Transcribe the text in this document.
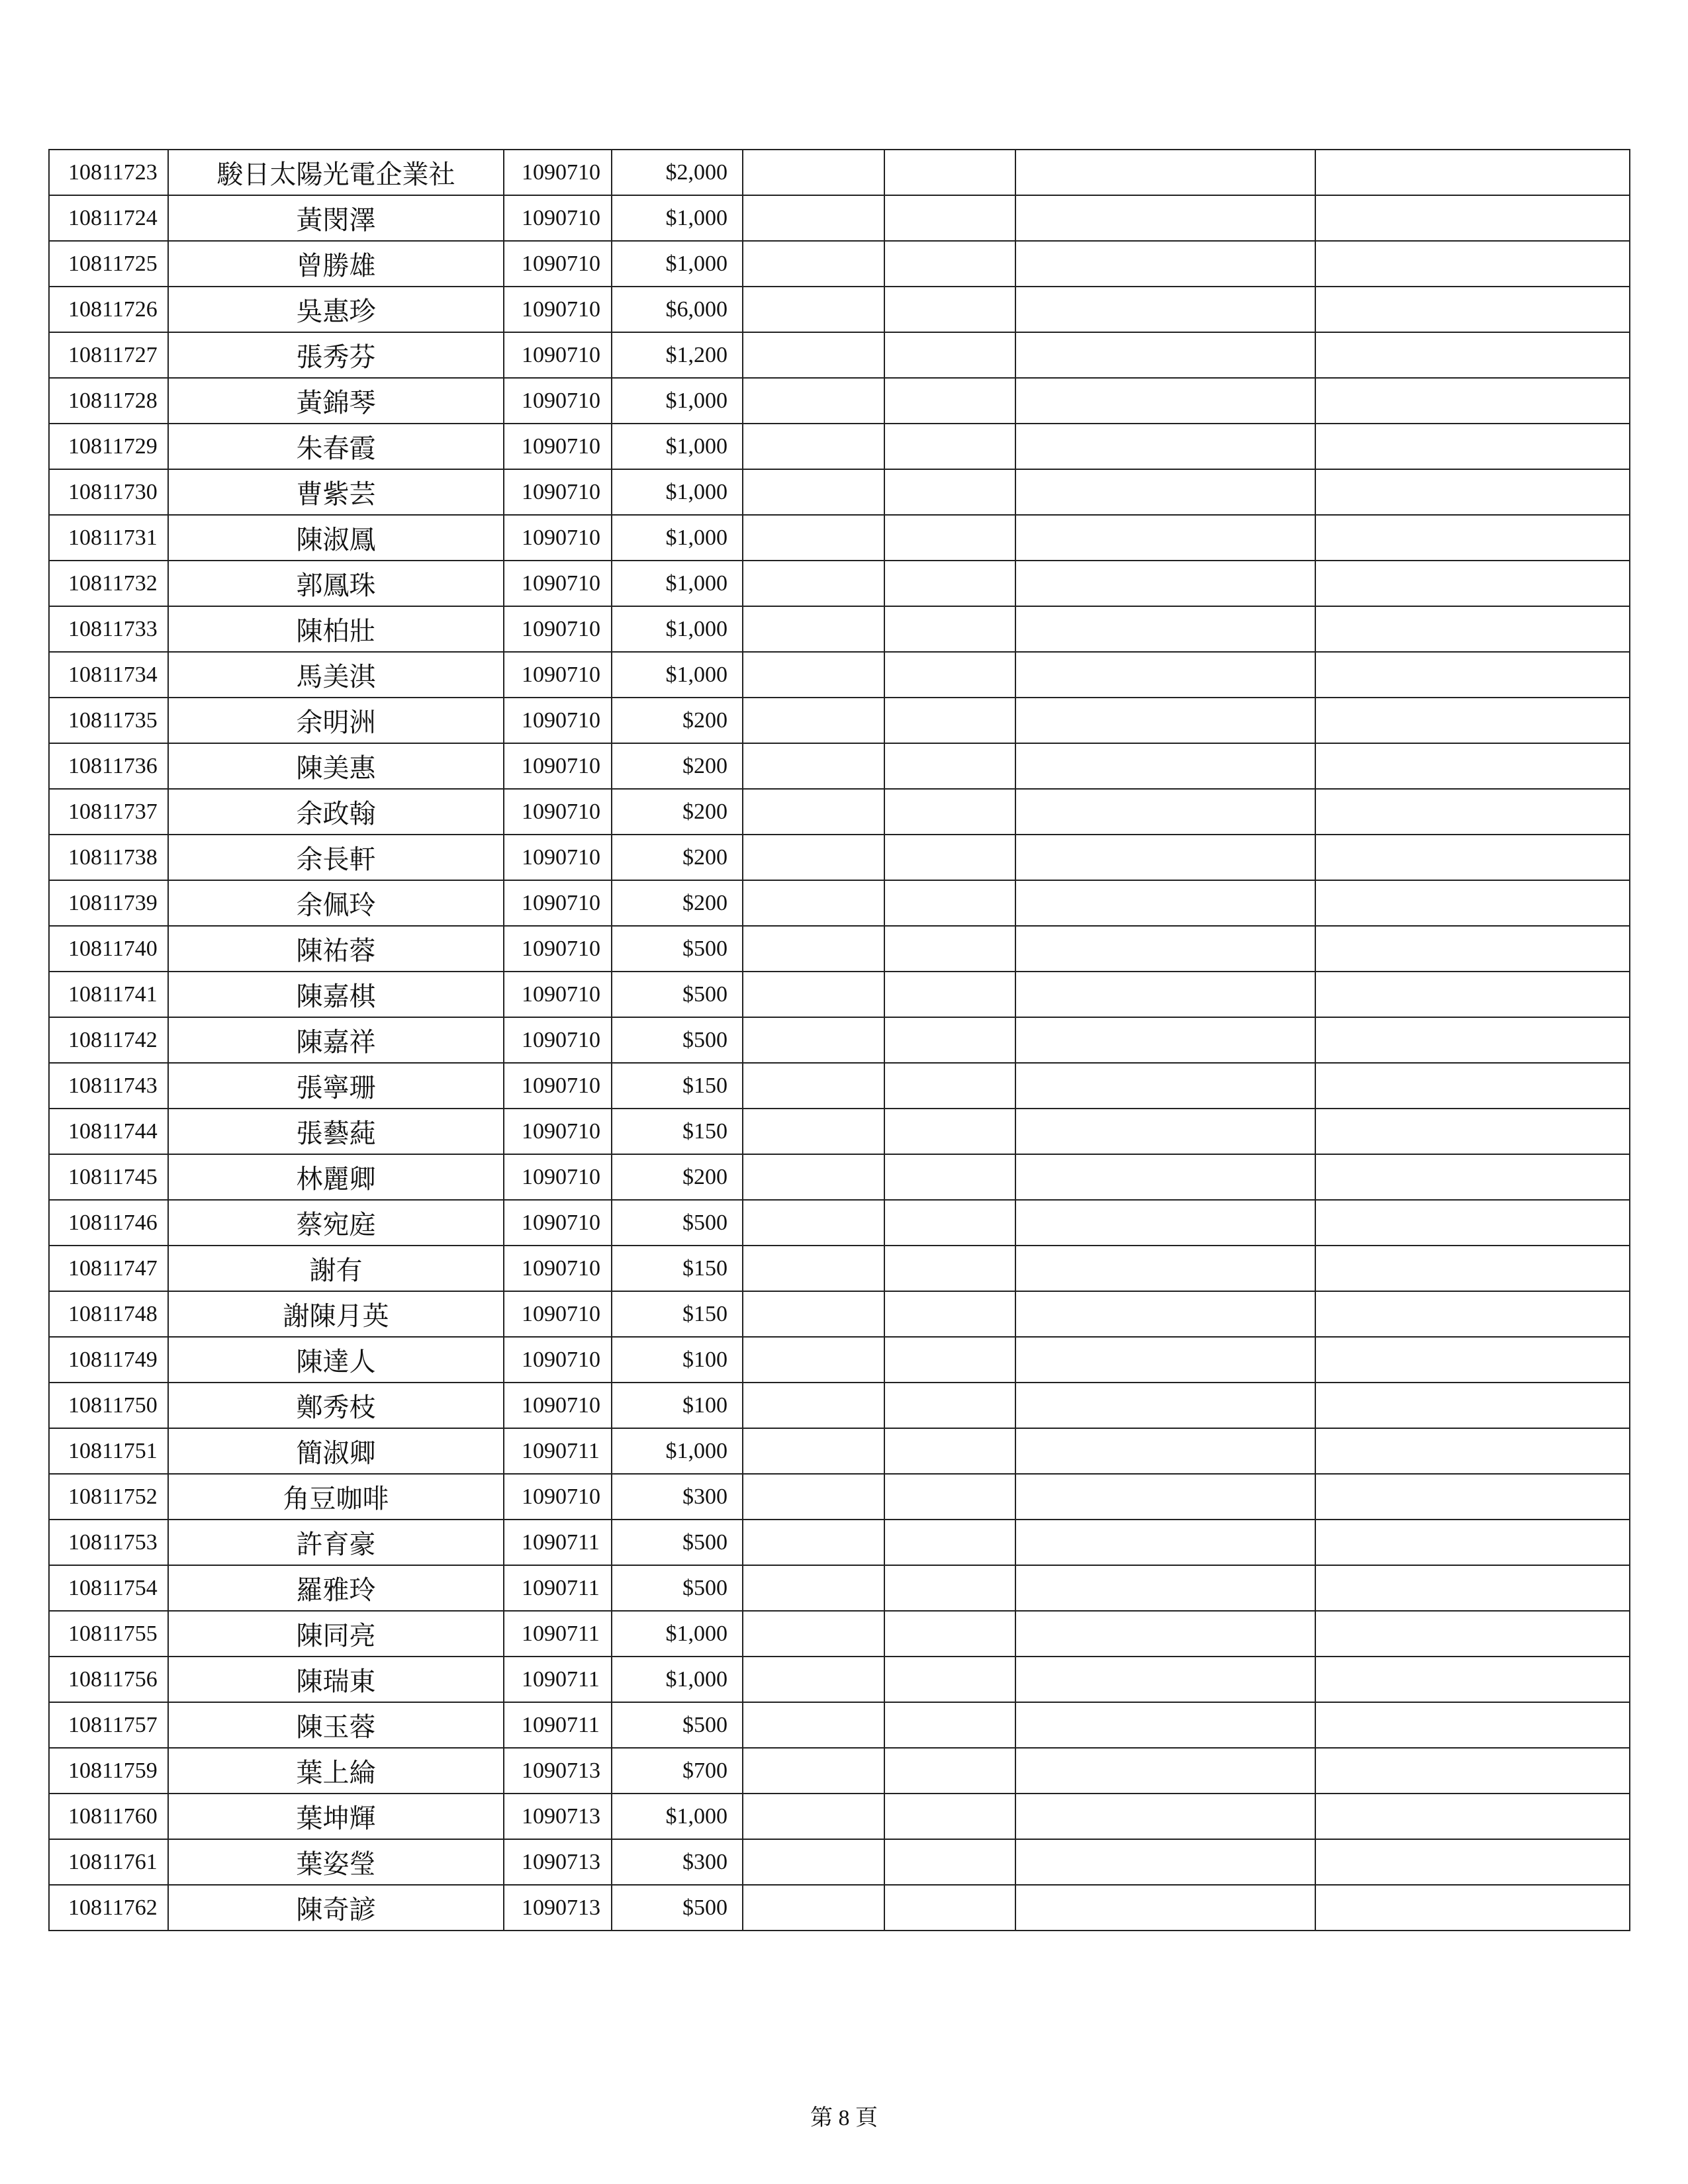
10811723	駿日太陽光電企業社	1090710	$2,000				
10811724	黃閔澤	1090710	$1,000				
10811725	曾勝雄	1090710	$1,000				
10811726	吳惠珍	1090710	$6,000				
10811727	張秀芬	1090710	$1,200				
10811728	黃錦琴	1090710	$1,000				
10811729	朱春霞	1090710	$1,000				
10811730	曹紫芸	1090710	$1,000				
10811731	陳淑鳳	1090710	$1,000				
10811732	郭鳳珠	1090710	$1,000				
10811733	陳柏壯	1090710	$1,000				
10811734	馬美淇	1090710	$1,000				
10811735	余明洲	1090710	$200				
10811736	陳美惠	1090710	$200				
10811737	余政翰	1090710	$200				
10811738	余長軒	1090710	$200				
10811739	余佩玲	1090710	$200				
10811740	陳祐蓉	1090710	$500				
10811741	陳嘉棋	1090710	$500				
10811742	陳嘉祥	1090710	$500				
10811743	張寧珊	1090710	$150				
10811744	張藝蒓	1090710	$150				
10811745	林麗卿	1090710	$200				
10811746	蔡宛庭	1090710	$500				
10811747	謝有	1090710	$150				
10811748	謝陳月英	1090710	$150				
10811749	陳達人	1090710	$100				
10811750	鄭秀枝	1090710	$100				
10811751	簡淑卿	1090711	$1,000				
10811752	角豆咖啡	1090710	$300				
10811753	許育豪	1090711	$500				
10811754	羅雅玲	1090711	$500				
10811755	陳同亮	1090711	$1,000				
10811756	陳瑞東	1090711	$1,000				
10811757	陳玉蓉	1090711	$500				
10811759	葉上綸	1090713	$700				
10811760	葉坤輝	1090713	$1,000				
10811761	葉姿瑩	1090713	$300				
10811762	陳奇諺	1090713	$500				
第 8 頁
